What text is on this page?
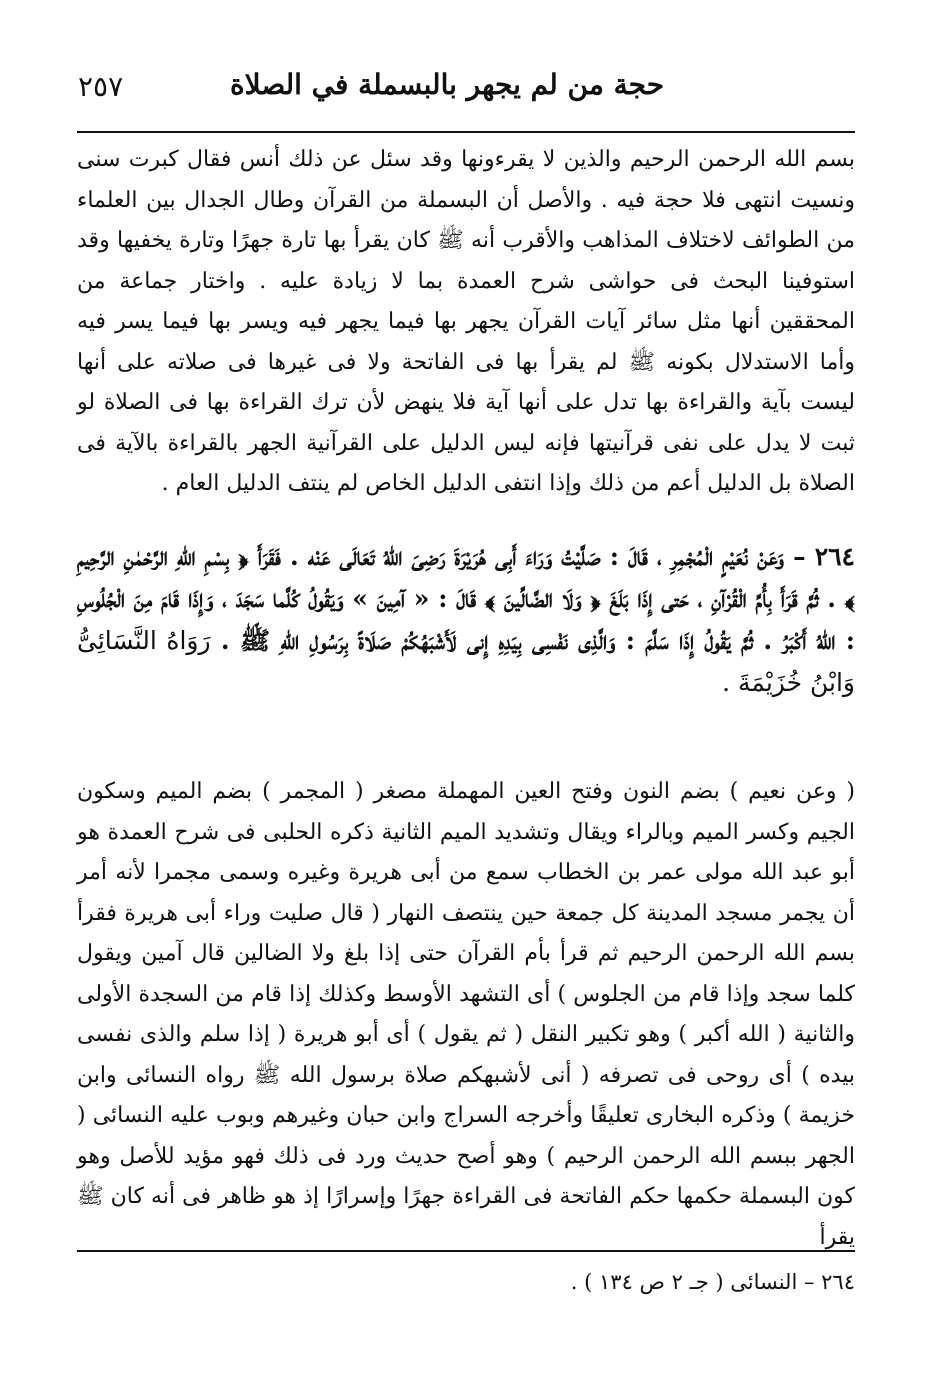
٢٥٧	حجة من لم يجهر بالبسملة في الصلاة

بسم الله الرحمن الرحيم والذين لا يقرءونها وقد سئل عن ذلك أنس فقال كبرت سنى ونسيت انتهى فلا حجة فيه . والأصل أن البسملة من القرآن وطال الجدال بين العلماء من الطوائف لاختلاف المذاهب والأقرب أنه ﷺ كان يقرأ بها تارة جهرًا وتارة يخفيها وقد استوفينا البحث فى حواشى شرح العمدة بما لا زيادة عليه . واختار جماعة من المحققين أنها مثل سائر آيات القرآن يجهر بها فيما يجهر فيه ويسر بها فيما يسر فيه وأما الاستدلال بكونه ﷺ لم يقرأ بها فى الفاتحة ولا فى غيرها فى صلاته على أنها ليست بآية والقراءة بها تدل على أنها آية فلا ينهض لأن ترك القراءة بها فى الصلاة لو ثبت لا يدل على نفى قرآنيتها فإنه ليس الدليل على القرآنية الجهر بالقراءة بالآية فى الصلاة بل الدليل أعم من ذلك وإذا انتفى الدليل الخاص لم ينتف الدليل العام .

٢٦٤ – وَعَنْ نُعَيْمٍ الْمُجْمِرِ ، قَالَ : صَلَّيْتُ وَرَاءَ أَبِى هُرَيْرَةَ رَضِىَ اللهُ تَعَالَى عَنْه . فَقَرَأَ ﴿ بِسْمِ اللهِ الرَّحْمٰنِ الرَّحِيمِ ﴾ . ثُمَّ قَرَأَ بِأُمِّ الْقُرْآنِ ، حَتى إِذَا بَلَغَ ﴿ وَلَا الضَّالِّينَ ﴾ قَالَ : « آمِينَ » وَيَقُولُ كُلَّما سَجَدَ ، وَإِذَا قَامَ مِنَ الْجُلُوسِ : اللهُ أَكْبَرُ . ثُمَّ يَقُولُ إِذَا سَلَّمَ : وَالَّذِى نَفْسِى بِيَدِهِ إِنى لَأَشْبَهُكُمْ صَلَاةً بِرَسُولِ اللهِ ﷺ . رَوَاهُ النَّسَائِىُّ وَابْنُ خُزَيْمَةَ .

( وعن نعيم ) بضم النون وفتح العين المهملة مصغر ( المجمر ) بضم الميم وسكون الجيم وكسر الميم وبالراء ويقال وتشديد الميم الثانية ذكره الحلبى فى شرح العمدة هو أبو عبد الله مولى عمر بن الخطاب سمع من أبى هريرة وغيره وسمى مجمرا لأنه أمر أن يجمر مسجد المدينة كل جمعة حين ينتصف النهار ( قال صليت وراء أبى هريرة فقرأ بسم الله الرحمن الرحيم ثم قرأ بأم القرآن حتى إذا بلغ ولا الضالين قال آمين ويقول كلما سجد وإذا قام من الجلوس ) أى التشهد الأوسط وكذلك إذا قام من السجدة الأولى والثانية ( الله أكبر ) وهو تكبير النقل ( ثم يقول ) أى أبو هريرة ( إذا سلم والذى نفسى بيده ) أى روحى فى تصرفه ( أنى لأشبهكم صلاة برسول الله ﷺ رواه النسائى وابن خزيمة ) وذكره البخارى تعليقًا وأخرجه السراج وابن حبان وغيرهم وبوب عليه النسائى ( الجهر ببسم الله الرحمن الرحيم ) وهو أصح حديث ورد فى ذلك فهو مؤيد للأصل وهو كون البسملة حكمها حكم الفاتحة فى القراءة جهرًا وإسرارًا إذ هو ظاهر فى أنه كان ﷺ يقرأ

٢٦٤ – النسائى ( جـ ٢ ص ١٣٤ ) .
